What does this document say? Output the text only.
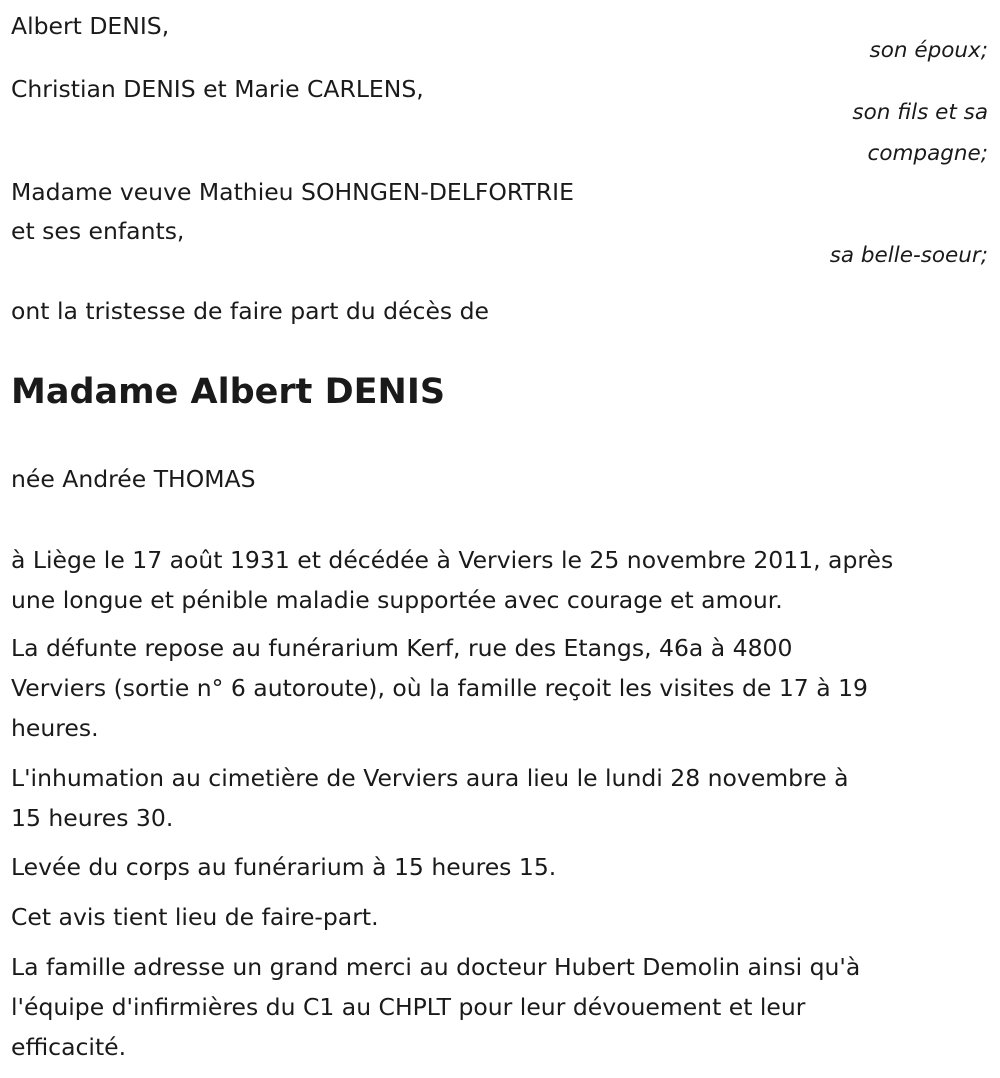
Albert DENIS,

son époux;

Christian DENIS et Marie CARLENS,

son fils et sa

compagne;

Madame veuve Mathieu SOHNGEN-DELFORTRIE

et ses enfants,

sa belle-soeur;

ont la tristesse de faire part du décès de

Madame Albert DENIS

née Andrée THOMAS

à Liège le 17 août 1931 et décédée à Verviers le 25 novembre 2011, après

une longue et pénible maladie supportée avec courage et amour.

La défunte repose au funérarium Kerf, rue des Etangs, 46a à 4800

Verviers (sortie n° 6 autoroute), où la famille reçoit les visites de 17 à 19

heures.

L'inhumation au cimetière de Verviers aura lieu le lundi 28 novembre à

15 heures 30.

Levée du corps au funérarium à 15 heures 15.

Cet avis tient lieu de faire-part.

La famille adresse un grand merci au docteur Hubert Demolin ainsi qu'à

l'équipe d'infirmières du C1 au CHPLT pour leur dévouement et leur

efficacité.
